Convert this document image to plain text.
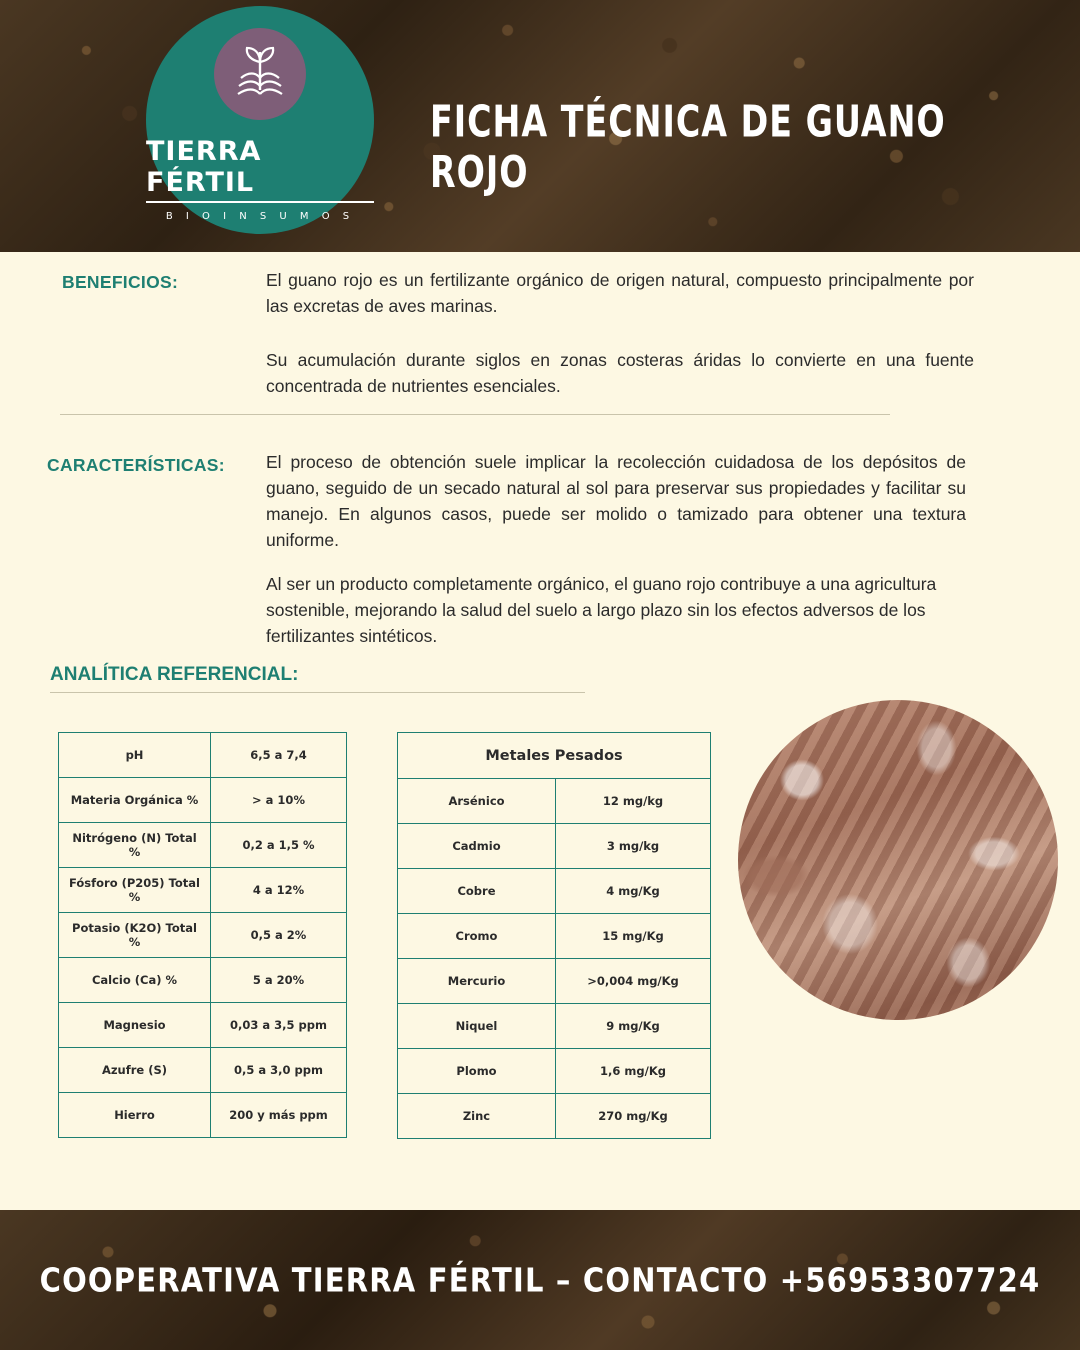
FICHA TÉCNICA DE GUANO ROJO
TIERRA FÉRTIL
B I O I N S U M O S
BENEFICIOS:	El guano rojo es un fertilizante orgánico de origen natural, compuesto principalmente por las excretas de aves marinas.
Su acumulación durante siglos en zonas costeras áridas lo convierte en una fuente concentrada de nutrientes esenciales.
CARACTERÍSTICAS: El proceso de obtención suele implicar la recolección cuidadosa de los depósitos de guano, seguido de un secado natural al sol para preservar sus propiedades y facilitar su manejo. En algunos casos, puede ser molido o tamizado para obtener una textura uniforme.
Al ser un producto completamente orgánico, el guano rojo contribuye a una agricultura sostenible, mejorando la salud del suelo a largo plazo sin los efectos adversos de los fertilizantes sintéticos.
ANALÍTICA REFERENCIAL:
pH	6,5 a 7,4
Materia Orgánica %	> a 10%
Nitrógeno (N) Total %	0,2 a 1,5 %
Fósforo (P205) Total %	4 a 12%
Potasio (K2O) Total %	0,5 a 2%
Calcio (Ca) %	5 a 20%
Magnesio	0,03 a 3,5 ppm
Azufre (S)	0,5 a 3,0 ppm
Hierro	200 y más ppm
Metales Pesados	
Arsénico	12 mg/kg
Cadmio	3 mg/kg
Cobre	4 mg/Kg
Cromo	15 mg/Kg
Mercurio	>0,004 mg/Kg
Niquel	9 mg/Kg
Plomo	1,6 mg/Kg
Zinc	270 mg/Kg
COOPERATIVA TIERRA FÉRTIL – CONTACTO +56953307724
